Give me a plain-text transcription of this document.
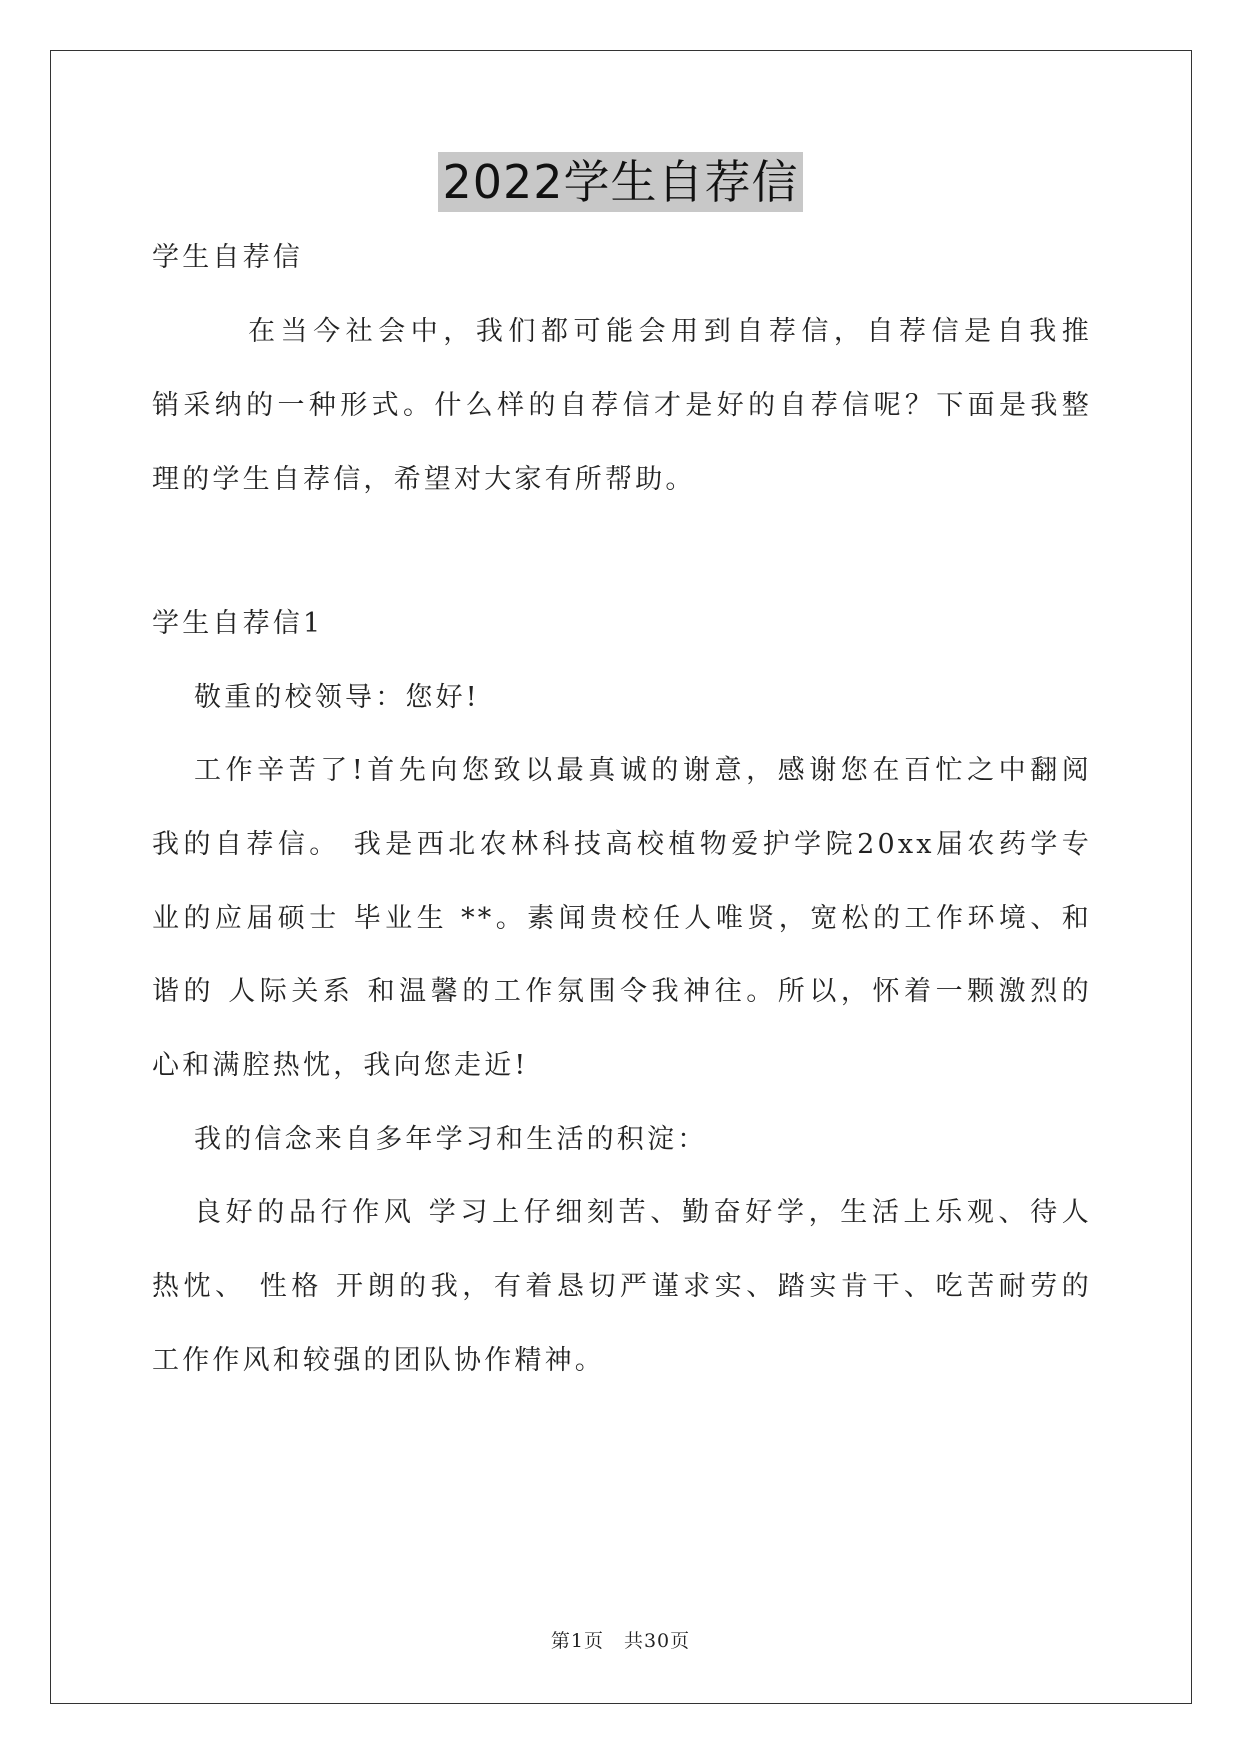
2022学生自荐信
学生自荐信
在当今社会中，我们都可能会用到自荐信，自荐信是自我推
销采纳的一种形式。什么样的自荐信才是好的自荐信呢？下面是我整
理的学生自荐信，希望对大家有所帮助。
学生自荐信1
敬重的校领导：您好!
工作辛苦了!首先向您致以最真诚的谢意，感谢您在百忙之中翻阅
我的自荐信。 我是西北农林科技高校植物爱护学院20xx届农药学专
业的应届硕士 毕业生 **。素闻贵校任人唯贤，宽松的工作环境、和
谐的 人际关系 和温馨的工作氛围令我神往。所以，怀着一颗激烈的
心和满腔热忱，我向您走近!
我的信念来自多年学习和生活的积淀：
良好的品行作风 学习上仔细刻苦、勤奋好学，生活上乐观、待人
热忱、 性格 开朗的我，有着恳切严谨求实、踏实肯干、吃苦耐劳的
工作作风和较强的团队协作精神。
第1页　共30页
